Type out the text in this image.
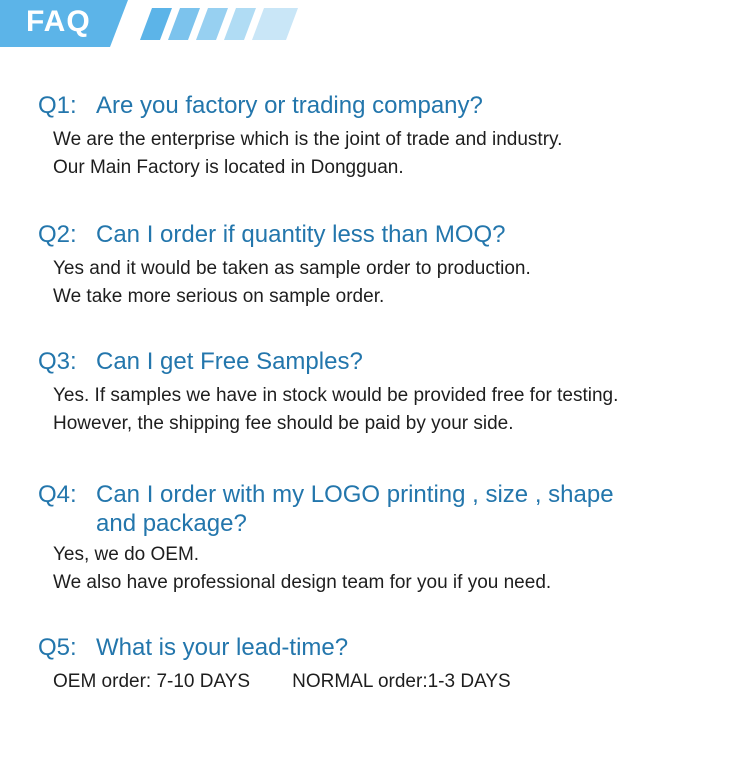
FAQ
Q1: Are you factory or trading company?
We are the enterprise which is the joint of trade and industry.
Our Main Factory is located in Dongguan.
Q2: Can I order if quantity less than MOQ?
Yes and it would be taken as sample order to production.
We take more serious on sample order.
Q3: Can I get Free Samples?
Yes. If samples we have in stock would be provided free for testing.
However, the shipping fee should be paid by your side.
Q4: Can I order with my LOGO printing , size , shape and package?
Yes, we do OEM.
We also have professional design team for you if you need.
Q5: What is your lead-time?
OEM order: 7-10 DAYS NORMAL order:1-3 DAYS
